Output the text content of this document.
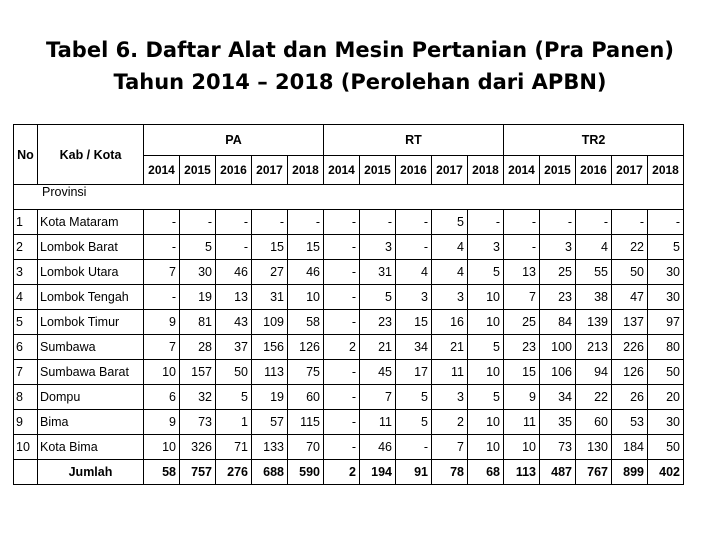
Tabel 6. Daftar Alat dan Mesin Pertanian (Pra Panen)
Tahun 2014 – 2018 (Perolehan dari APBN)
No	Kab / Kota	PA					RT					TR2				
		2014	2015	2016	2017	2018	2014	2015	2016	2017	2018	2014	2015	2016	2017	2018
Provinsi																
1	Kota Mataram	-	-	-	-	-	-	-	-	5	-	-	-	-	-	-
2	Lombok Barat	-	5	-	15	15	-	3	-	4	3	-	3	4	22	5
3	Lombok Utara	7	30	46	27	46	-	31	4	4	5	13	25	55	50	30
4	Lombok Tengah	-	19	13	31	10	-	5	3	3	10	7	23	38	47	30
5	Lombok Timur	9	81	43	109	58	-	23	15	16	10	25	84	139	137	97
6	Sumbawa	7	28	37	156	126	2	21	34	21	5	23	100	213	226	80
7	Sumbawa Barat	10	157	50	113	75	-	45	17	11	10	15	106	94	126	50
8	Dompu	6	32	5	19	60	-	7	5	3	5	9	34	22	26	20
9	Bima	9	73	1	57	115	-	11	5	2	10	11	35	60	53	30
10	Kota Bima	10	326	71	133	70	-	46	-	7	10	10	73	130	184	50
	Jumlah	58	757	276	688	590	2	194	91	78	68	113	487	767	899	402
